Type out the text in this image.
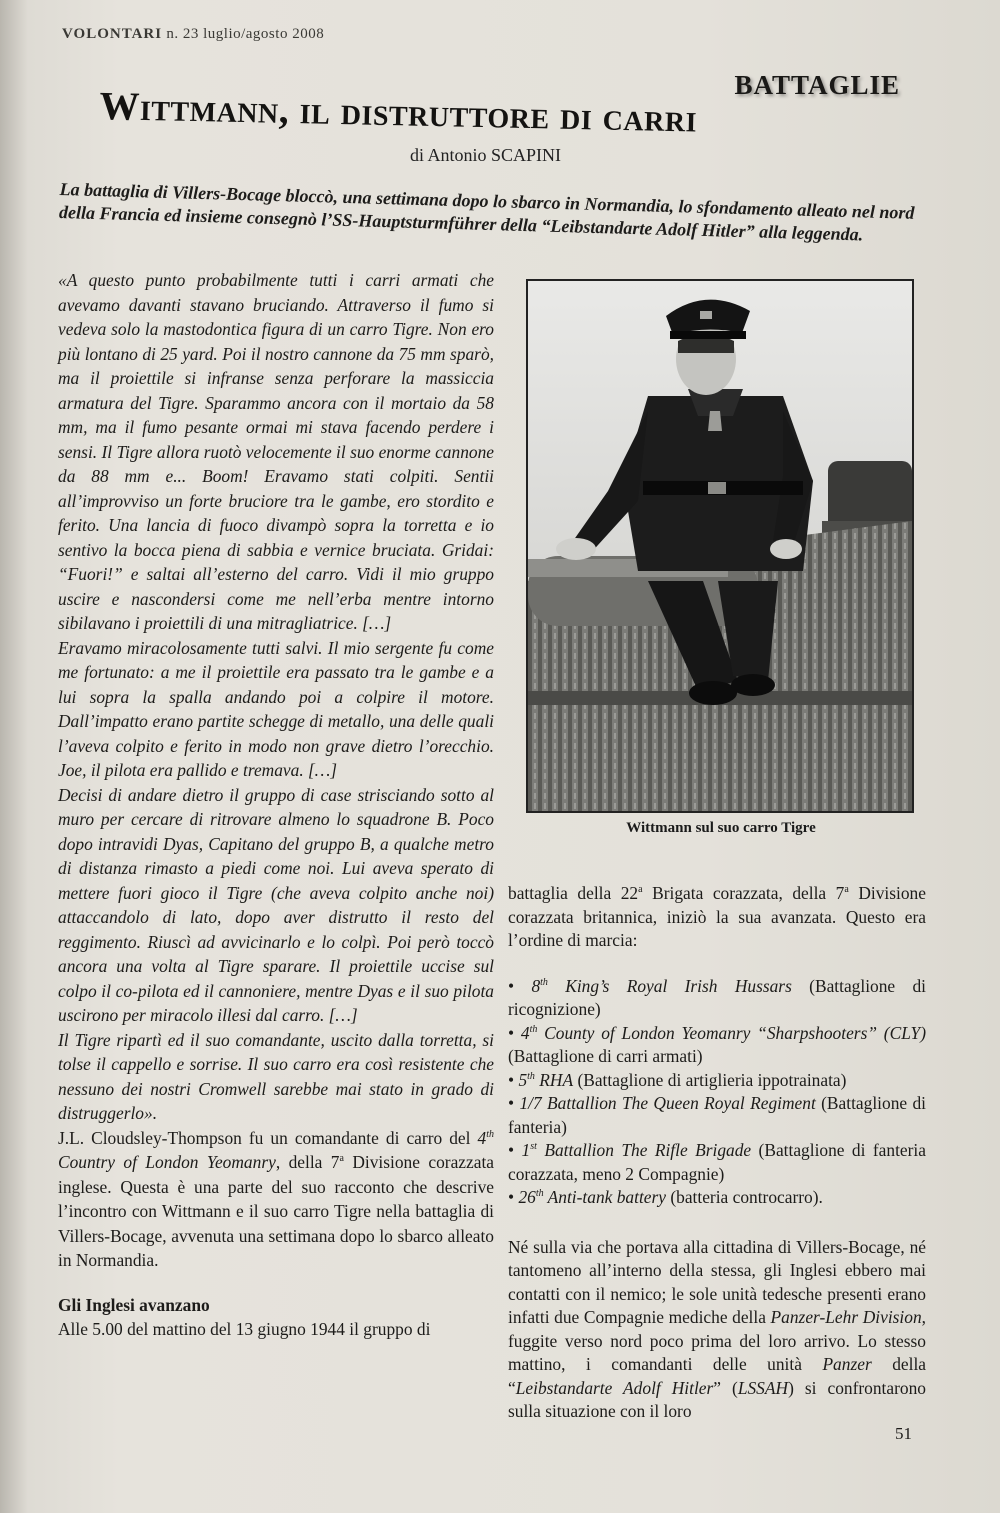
VOLONTARI n. 23 luglio/agosto 2008
BATTAGLIE
Wittmann, il distruttore di carri
di Antonio SCAPINI
La battaglia di Villers-Bocage bloccò, una settimana dopo lo sbarco in Normandia, lo sfondamento alleato nel nord della Francia ed insieme consegnò l’SS-Hauptsturmführer della “Leibstandarte Adolf Hitler” alla leggenda.

«A questo punto probabilmente tutti i carri armati che avevamo davanti stavano bruciando. Attraverso il fumo si vedeva solo la mastodontica figura di un carro Tigre. Non ero più lontano di 25 yard. Poi il nostro cannone da 75 mm sparò, ma il proiettile si infranse senza perforare la massiccia armatura del Tigre. Sparammo ancora con il mortaio da 58 mm, ma il fumo pesante ormai mi stava facendo perdere i sensi. Il Tigre allora ruotò velocemente il suo enorme cannone da 88 mm e... Boom! Eravamo stati colpiti. Sentii all’improvviso un forte bruciore tra le gambe, ero stordito e ferito. Una lancia di fuoco divampò sopra la torretta e io sentivo la bocca piena di sabbia e vernice bruciata. Gridai: “Fuori!” e saltai all’esterno del carro. Vidi il mio gruppo uscire e nascondersi come me nell’erba mentre intorno sibilavano i proiettili di una mitragliatrice. […]

Eravamo miracolosamente tutti salvi. Il mio sergente fu come me fortunato: a me il proiettile era passato tra le gambe e a lui sopra la spalla andando poi a colpire il motore. Dall’impatto erano partite schegge di metallo, una delle quali l’aveva colpito e ferito in modo non grave dietro l’orecchio. Joe, il pilota era pallido e tremava. […]

Decisi di andare dietro il gruppo di case strisciando sotto al muro per cercare di ritrovare almeno lo squadrone B. Poco dopo intravidi Dyas, Capitano del gruppo B, a qualche metro di distanza rimasto a piedi come noi. Lui aveva sperato di mettere fuori gioco il Tigre (che aveva colpito anche noi) attaccandolo di lato, dopo aver distrutto il resto del reggimento. Riuscì ad avvicinarlo e lo colpì. Poi però toccò ancora una volta al Tigre sparare. Il proiettile uccise sul colpo il co-pilota ed il cannoniere, mentre Dyas e il suo pilota uscirono per miracolo illesi dal carro. […]

Il Tigre ripartì ed il suo comandante, uscito dalla torretta, si tolse il cappello e sorrise. Il suo carro era così resistente che nessuno dei nostri Cromwell sarebbe mai stato in grado di distruggerlo».

J.L. Cloudsley-Thompson fu un comandante di carro del 4th Country of London Yeomanry, della 7$^a$ Divisione corazzata inglese. Questa è una parte del suo racconto che descrive l’incontro con Wittmann e il suo carro Tigre nella battaglia di Villers-Bocage, avvenuta una settimana dopo lo sbarco alleato in Normandia.

Gli Inglesi avanzano

Alle 5.00 del mattino del 13 giugno 1944 il gruppo di

Wittmann sul suo carro Tigre

battaglia della 22$^a$ Brigata corazzata, della 7$^a$ Divisione corazzata britannica, iniziò la sua avanzata. Questo era l’ordine di marcia:

• 8th King’s Royal Irish Hussars (Battaglione di ricognizione)
• 4th County of London Yeomanry “Sharpshooters” (CLY) (Battaglione di carri armati)
• 5th RHA (Battaglione di artiglieria ippotrainata)
• 1/7 Battallion The Queen Royal Regiment (Battaglione di fanteria)
• 1st Battallion The Rifle Brigade (Battaglione di fanteria corazzata, meno 2 Compagnie)
• 26th Anti-tank battery (batteria controcarro).

Né sulla via che portava alla cittadina di Villers-Bocage, né tantomeno all’interno della stessa, gli Inglesi ebbero mai contatti con il nemico; le sole unità tedesche presenti erano infatti due Compagnie mediche della Panzer-Lehr Division, fuggite verso nord poco prima del loro arrivo. Lo stesso mattino, i comandanti delle unità Panzer della “Leibstandarte Adolf Hitler” (LSSAH) si confrontarono sulla situazione con il loro

51
